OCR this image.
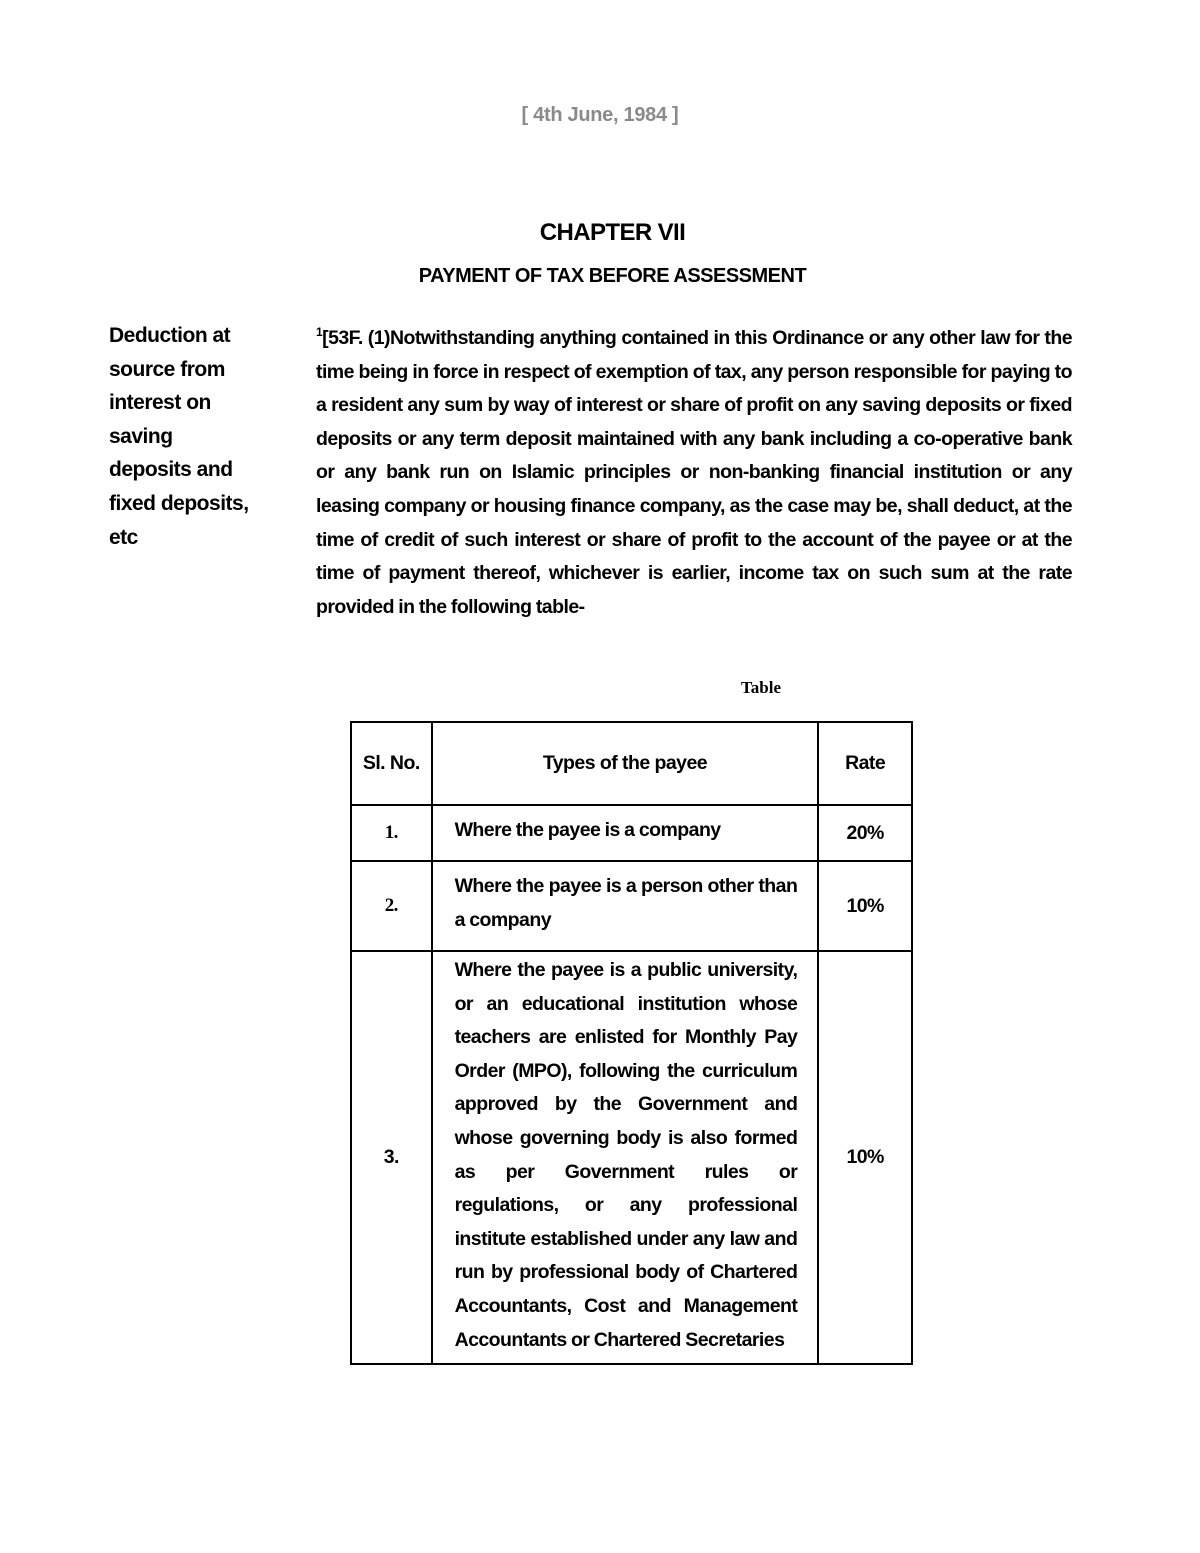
[ 4th June, 1984 ]
CHAPTER VII
PAYMENT OF TAX BEFORE ASSESSMENT
Deduction at source from interest on saving deposits and fixed deposits, etc
$^1$[53F. (1)Notwithstanding anything contained in this Ordinance or any other law for the time being in force in respect of exemption of tax, any person responsible for paying to a resident any sum by way of interest or share of profit on any saving deposits or fixed deposits or any term deposit maintained with any bank including a co-operative bank or any bank run on Islamic principles or non-banking financial institution or any leasing company or housing finance company, as the case may be, shall deduct, at the time of credit of such interest or share of profit to the account of the payee or at the time of payment thereof, whichever is earlier, income tax on such sum at the rate provided in the following table-
Table
Sl. No.	Types of the payee	Rate
1.	Where the payee is a company	20%
2.	Where the payee is a person other than a company	10%
3.	Where the payee is a public university, or an educational institution whose teachers are enlisted for Monthly Pay Order (MPO), following the curriculum approved by the Government and whose governing body is also formed as per Government rules or regulations, or any professional institute established under any law and run by professional body of Chartered Accountants, Cost and Management Accountants or Chartered Secretaries	10%
